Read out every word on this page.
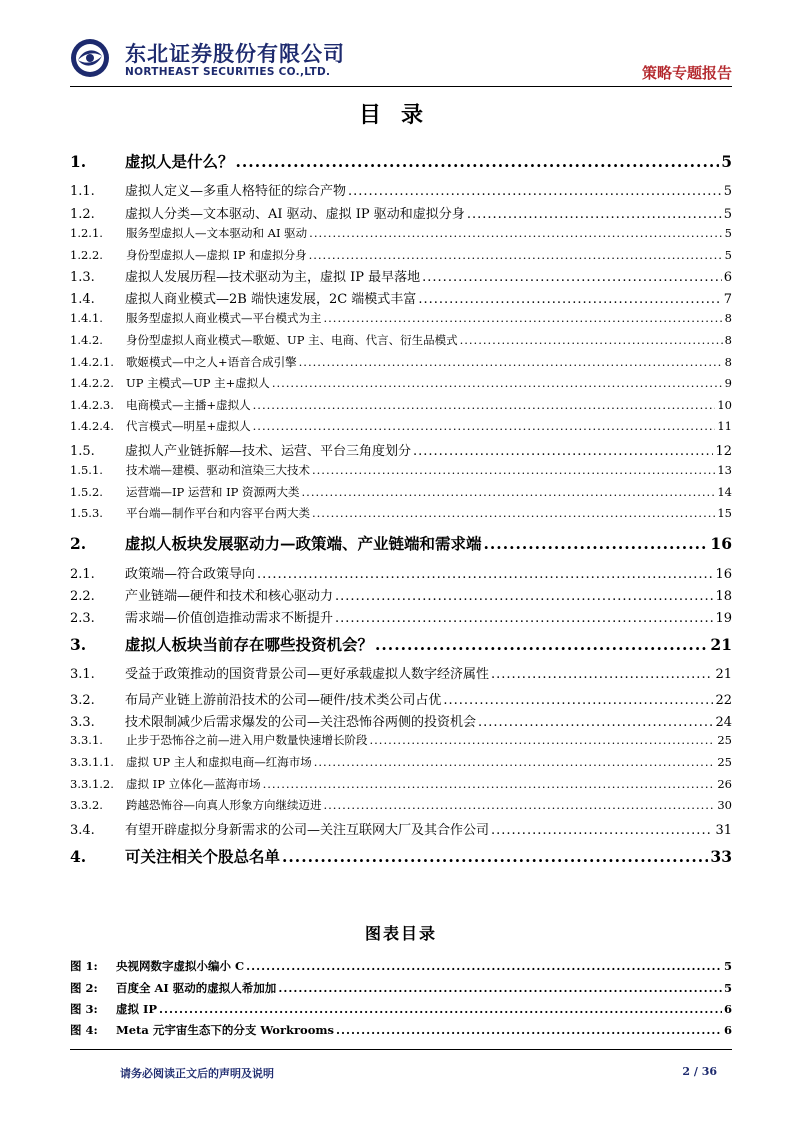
东北证券股份有限公司
NORTHEAST SECURITIES CO.,LTD.	策略专题报告
目录
1.	虚拟人是什么？ .....	5
1.1.	虚拟人定义—多重人格特征的综合产物 .....	5
1.2.	虚拟人分类—文本驱动、AI 驱动、虚拟 IP 驱动和虚拟分身 .....	5
1.2.1.	服务型虚拟人—文本驱动和 AI 驱动 .....	5
1.2.2.	身份型虚拟人—虚拟 IP 和虚拟分身 .....	5
1.3.	虚拟人发展历程—技术驱动为主，虚拟 IP 最早落地 .....	6
1.4.	虚拟人商业模式—2B 端快速发展，2C 端模式丰富 .....	7
1.4.1.	服务型虚拟人商业模式—平台模式为主 .....	8
1.4.2.	身份型虚拟人商业模式—歌姬、UP 主、电商、代言、衍生品模式 .....	8
1.4.2.1.	歌姬模式—中之人+语音合成引擎 .....	8
1.4.2.2.	UP 主模式—UP 主+虚拟人 .....	9
1.4.2.3.	电商模式—主播+虚拟人 .....	10
1.4.2.4.	代言模式—明星+虚拟人 .....	11
1.5.	虚拟人产业链拆解—技术、运营、平台三角度划分 .....	12
1.5.1.	技术端—建模、驱动和渲染三大技术 .....	13
1.5.2.	运营端—IP 运营和 IP 资源两大类 .....	14
1.5.3.	平台端—制作平台和内容平台两大类 .....	15
2.	虚拟人板块发展驱动力—政策端、产业链端和需求端 .....	16
2.1.	政策端—符合政策导向 .....	16
2.2.	产业链端—硬件和技术和核心驱动力 .....	18
2.3.	需求端—价值创造推动需求不断提升 .....	19
3.	虚拟人板块当前存在哪些投资机会？ .....	21
3.1.	受益于政策推动的国资背景公司—更好承载虚拟人数字经济属性 .....	21
3.2.	布局产业链上游前沿技术的公司—硬件/技术类公司占优 .....	22
3.3.	技术限制减少后需求爆发的公司—关注恐怖谷两侧的投资机会 .....	24
3.3.1.	止步于恐怖谷之前—进入用户数量快速增长阶段 .....	25
3.3.1.1.	虚拟 UP 主人和虚拟电商—红海市场 .....	25
3.3.1.2.	虚拟 IP 立体化—蓝海市场 .....	26
3.3.2.	跨越恐怖谷—向真人形象方向继续迈进 .....	30
3.4.	有望开辟虚拟分身新需求的公司—关注互联网大厂及其合作公司 .....	31
4.	可关注相关个股总名单 .....	33
图表目录
图 1:	央视网数字虚拟小编小 C .....	5
图 2:	百度全 AI 驱动的虚拟人希加加 .....	5
图 3:	虚拟 IP .....	6
图 4:	Meta 元宇宙生态下的分支 Workrooms .....	6
请务必阅读正文后的声明及说明	2 / 36
